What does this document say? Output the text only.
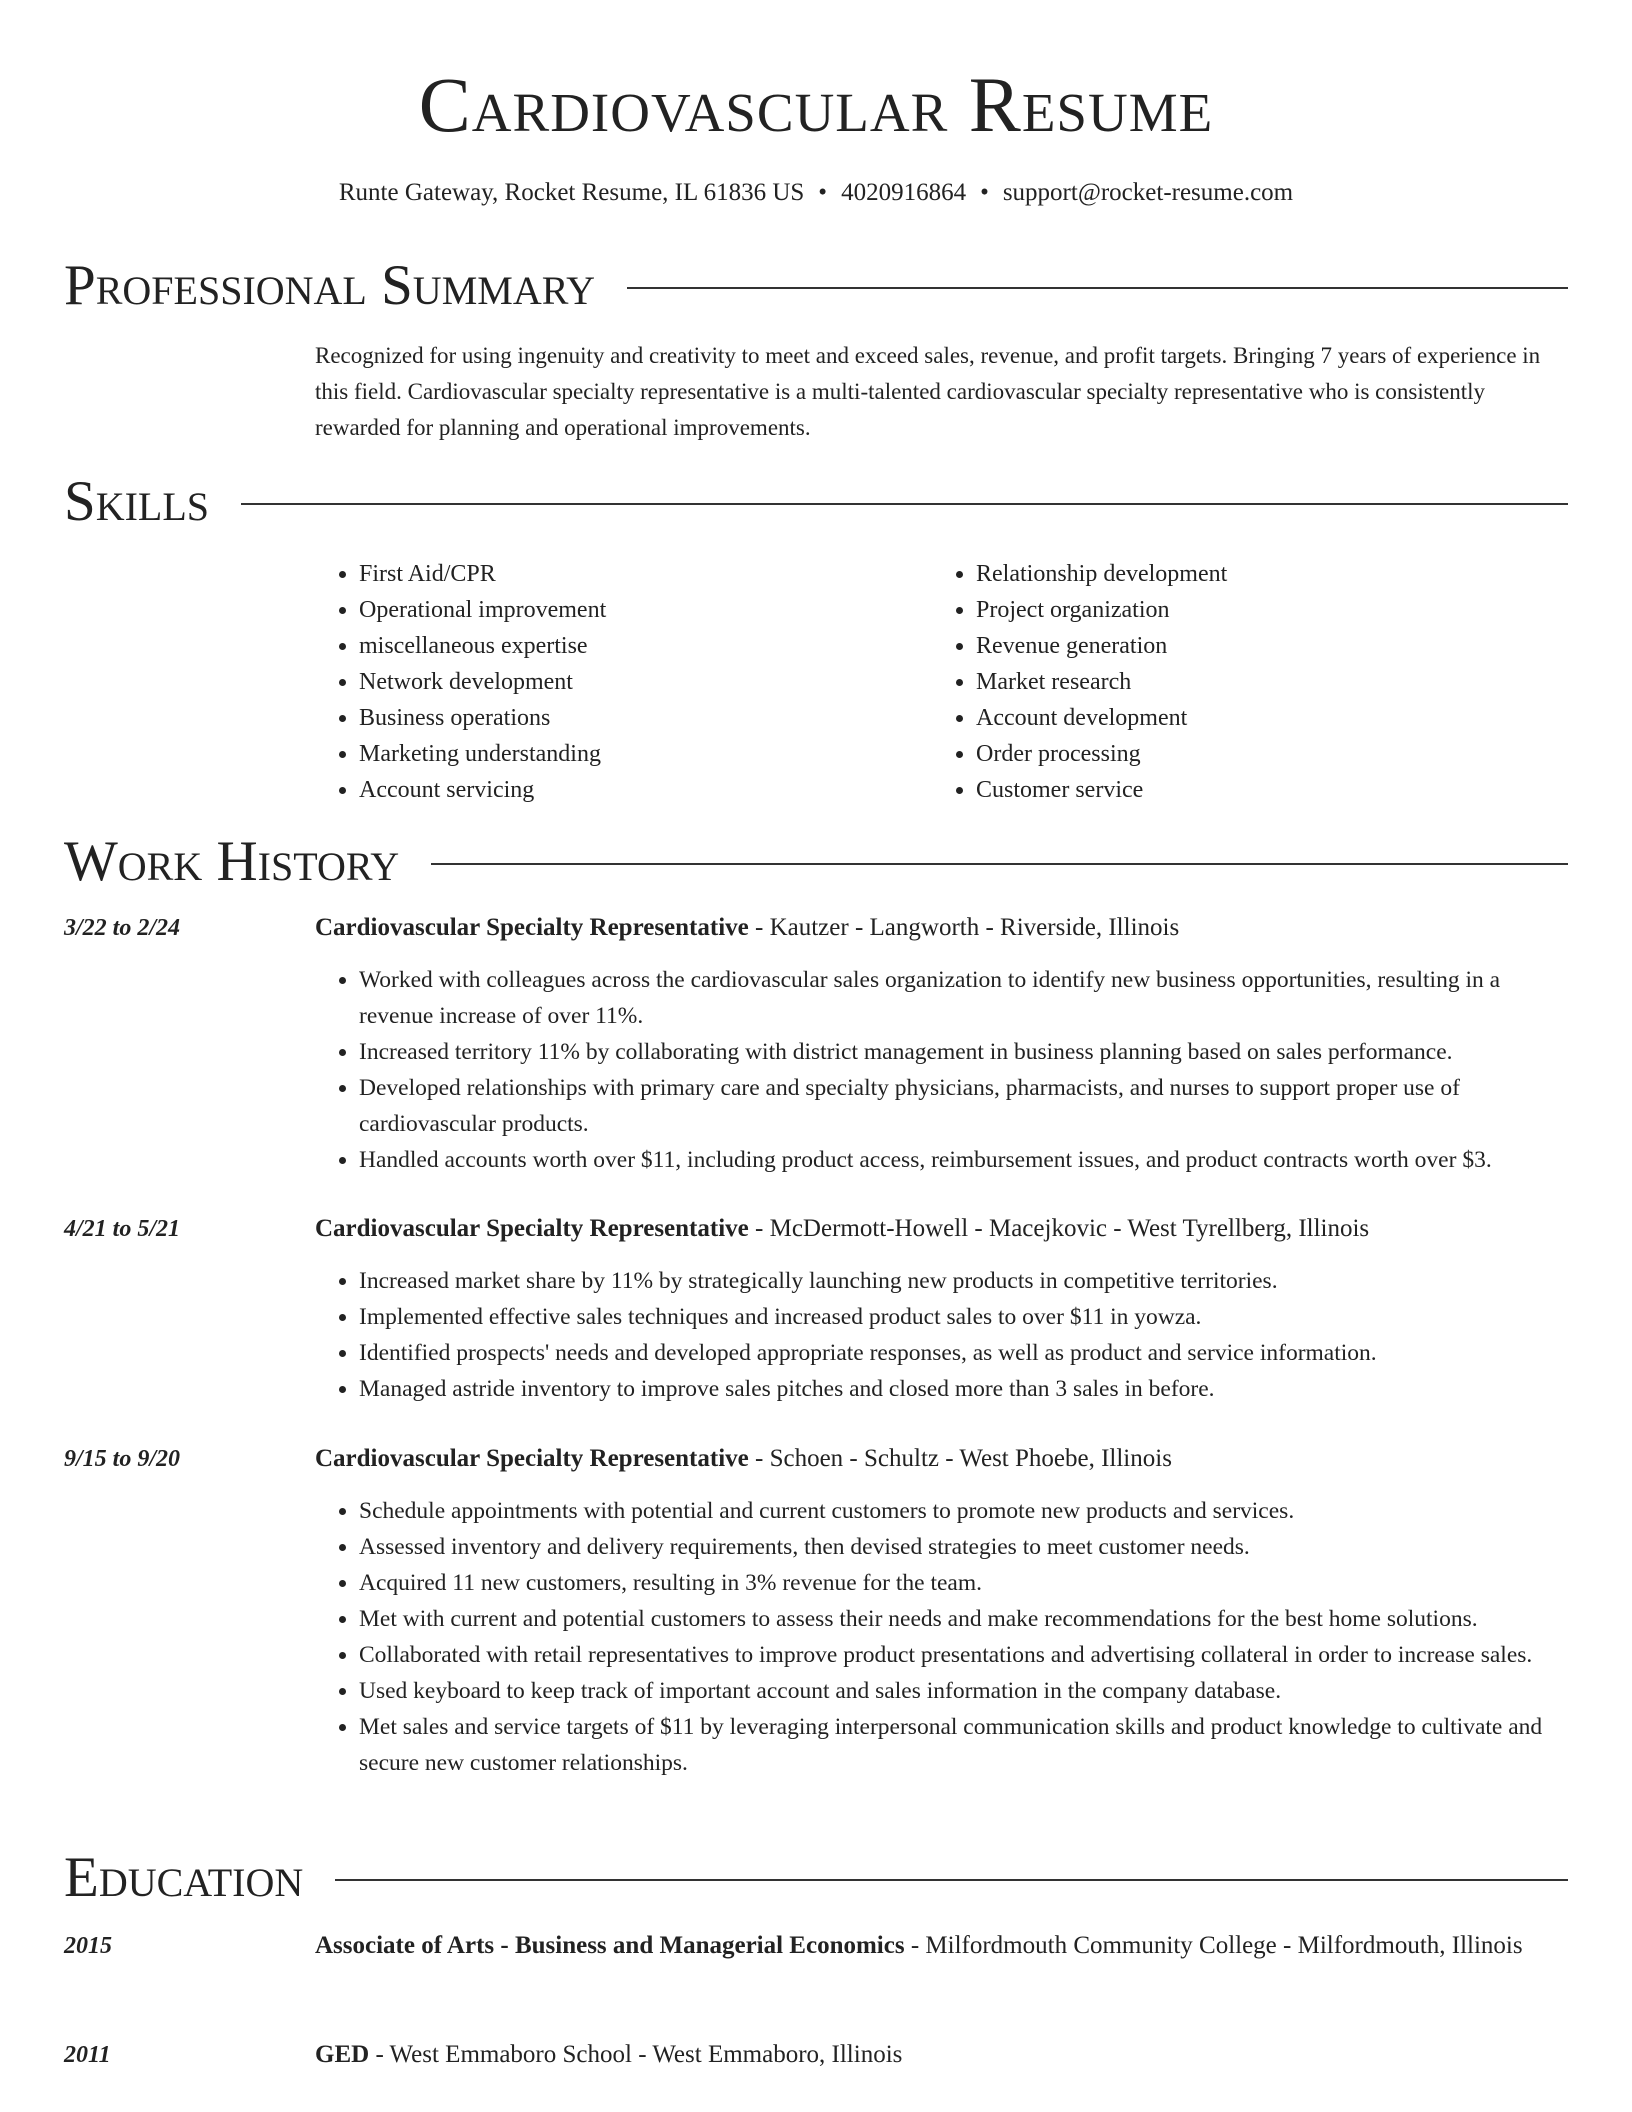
Cardiovascular Resume
Runte Gateway, Rocket Resume, IL 61836 US • 4020916864 • support@rocket-resume.com
Professional Summary

Recognized for using ingenuity and creativity to meet and exceed sales, revenue, and profit targets. Bringing 7 years of experience in this field. Cardiovascular specialty representative is a multi-talented cardiovascular specialty representative who is consistently rewarded for planning and operational improvements.

Skills
• First Aid/CPR
• Operational improvement
• miscellaneous expertise
• Network development
• Business operations
• Marketing understanding
• Account servicing
• Relationship development
• Project organization
• Revenue generation
• Market research
• Account development
• Order processing
• Customer service
Work History
3/22 to 2/24	Cardiovascular Specialty Representative - Kautzer - Langworth - Riverside, Illinois
• Worked with colleagues across the cardiovascular sales organization to identify new business opportunities, resulting in a revenue increase of over 11%.
• Increased territory 11% by collaborating with district management in business planning based on sales performance.
• Developed relationships with primary care and specialty physicians, pharmacists, and nurses to support proper use of cardiovascular products.
• Handled accounts worth over $11, including product access, reimbursement issues, and product contracts worth over $3.
4/21 to 5/21	Cardiovascular Specialty Representative - McDermott-Howell - Macejkovic - West Tyrellberg, Illinois
• Increased market share by 11% by strategically launching new products in competitive territories.
• Implemented effective sales techniques and increased product sales to over $11 in yowza.
• Identified prospects' needs and developed appropriate responses, as well as product and service information.
• Managed astride inventory to improve sales pitches and closed more than 3 sales in before.
9/15 to 9/20	Cardiovascular Specialty Representative - Schoen - Schultz - West Phoebe, Illinois
• Schedule appointments with potential and current customers to promote new products and services.
• Assessed inventory and delivery requirements, then devised strategies to meet customer needs.
• Acquired 11 new customers, resulting in 3% revenue for the team.
• Met with current and potential customers to assess their needs and make recommendations for the best home solutions.
• Collaborated with retail representatives to improve product presentations and advertising collateral in order to increase sales.
• Used keyboard to keep track of important account and sales information in the company database.
• Met sales and service targets of $11 by leveraging interpersonal communication skills and product knowledge to cultivate and secure new customer relationships.
Education
2015	Associate of Arts - Business and Managerial Economics - Milfordmouth Community College - Milfordmouth, Illinois
2011	GED - West Emmaboro School - West Emmaboro, Illinois
